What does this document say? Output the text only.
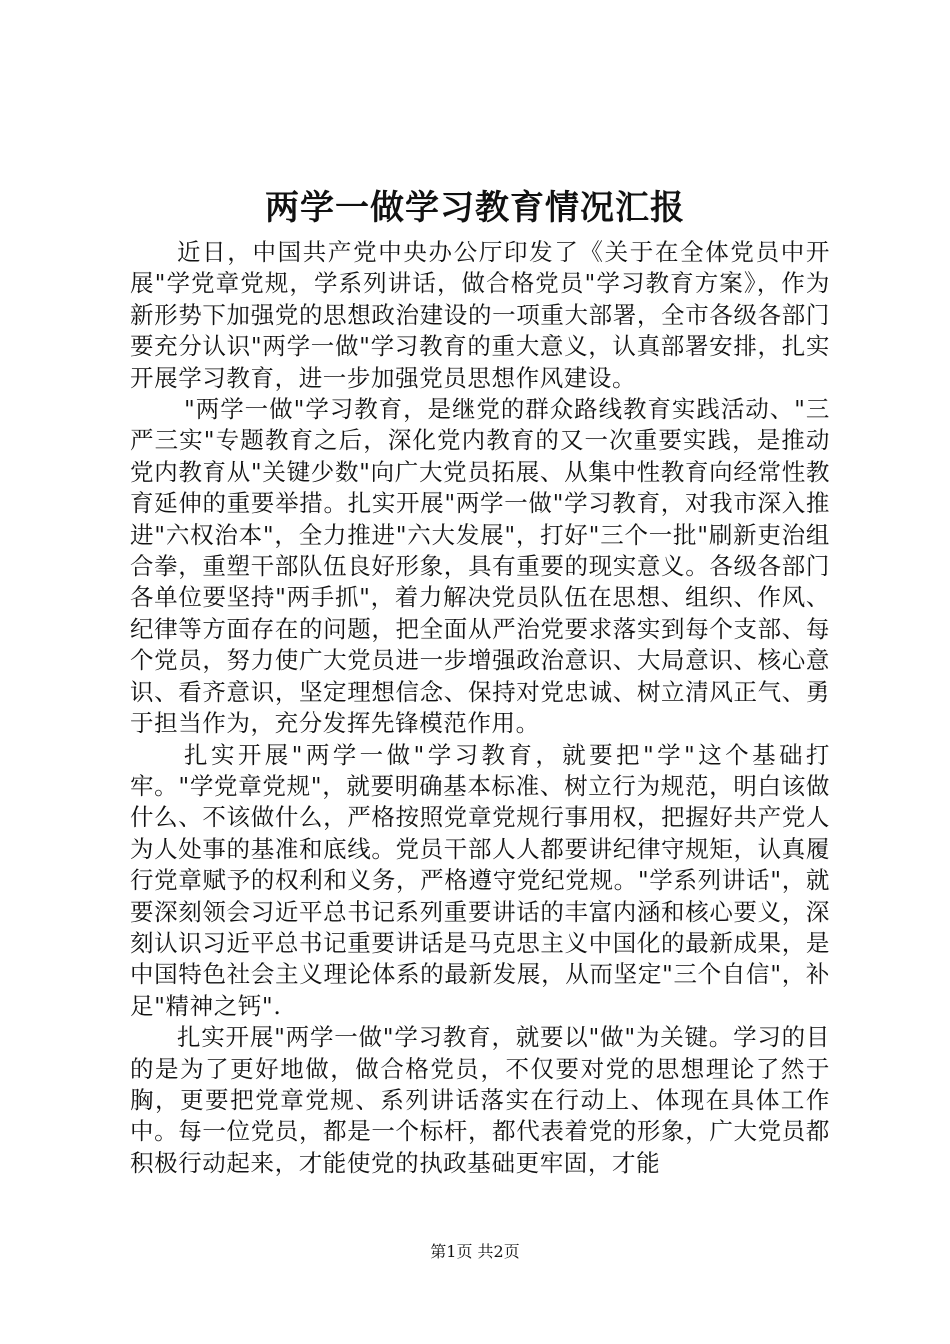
两学一做学习教育情况汇报

近日，中国共产党中央办公厅印发了《关于在全体党员中开展"学党章党规，学系列讲话，做合格党员"学习教育方案》，作为新形势下加强党的思想政治建设的一项重大部署，全市各级各部门要充分认识"两学一做"学习教育的重大意义，认真部署安排，扎实开展学习教育，进一步加强党员思想作风建设。

"两学一做"学习教育，是继党的群众路线教育实践活动、"三严三实"专题教育之后，深化党内教育的又一次重要实践，是推动党内教育从"关键少数"向广大党员拓展、从集中性教育向经常性教育延伸的重要举措。扎实开展"两学一做"学习教育，对我市深入推进"六权治本"，全力推进"六大发展"，打好"三个一批"刷新吏治组合拳，重塑干部队伍良好形象，具有重要的现实意义。各级各部门各单位要坚持"两手抓"，着力解决党员队伍在思想、组织、作风、纪律等方面存在的问题，把全面从严治党要求落实到每个支部、每个党员，努力使广大党员进一步增强政治意识、大局意识、核心意识、看齐意识，坚定理想信念、保持对党忠诚、树立清风正气、勇于担当作为，充分发挥先锋模范作用。

扎实开展"两学一做"学习教育，就要把"学"这个基础打牢。"学党章党规"，就要明确基本标准、树立行为规范，明白该做什么、不该做什么，严格按照党章党规行事用权，把握好共产党人为人处事的基准和底线。党员干部人人都要讲纪律守规矩，认真履行党章赋予的权利和义务，严格遵守党纪党规。"学系列讲话"，就要深刻领会习近平总书记系列重要讲话的丰富内涵和核心要义，深刻认识习近平总书记重要讲话是马克思主义中国化的最新成果，是中国特色社会主义理论体系的最新发展，从而坚定"三个自信"，补足"精神之钙".

扎实开展"两学一做"学习教育，就要以"做"为关键。学习的目的是为了更好地做，做合格党员，不仅要对党的思想理论了然于胸，更要把党章党规、系列讲话落实在行动上、体现在具体工作中。每一位党员，都是一个标杆，都代表着党的形象，广大党员都积极行动起来，才能使党的执政基础更牢固，才能

第1页 共2页
